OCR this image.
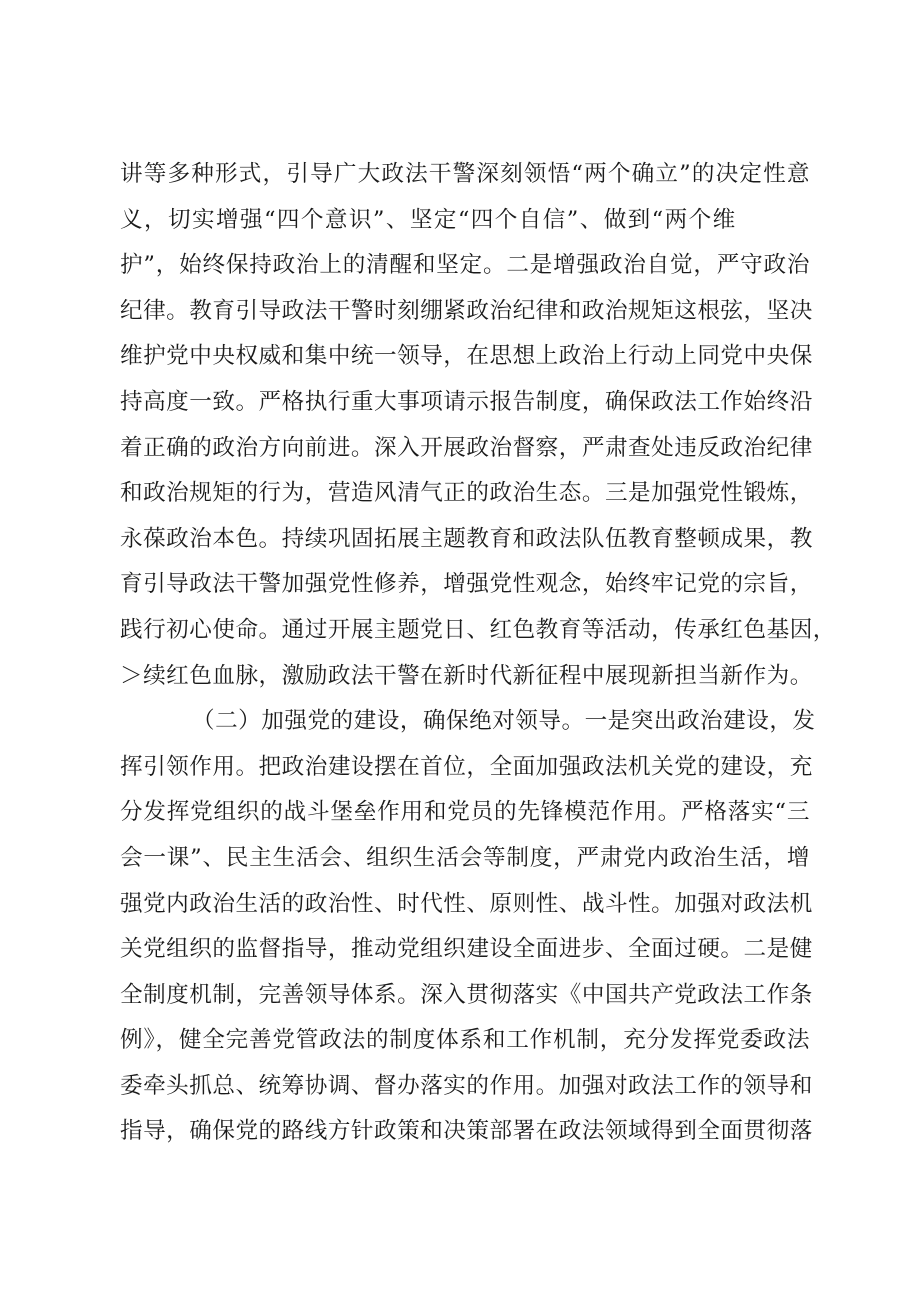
讲等多种形式，引导广大政法干警深刻领悟“两个确立”的决定性意
义，切实增强“四个意识”、坚定“四个自信”、做到“两个维
护”，始终保持政治上的清醒和坚定。二是增强政治自觉，严守政治
纪律。教育引导政法干警时刻绷紧政治纪律和政治规矩这根弦，坚决
维护党中央权威和集中统一领导，在思想上政治上行动上同党中央保
持高度一致。严格执行重大事项请示报告制度，确保政法工作始终沿
着正确的政治方向前进。深入开展政治督察，严肃查处违反政治纪律
和政治规矩的行为，营造风清气正的政治生态。三是加强党性锻炼，
永葆政治本色。持续巩固拓展主题教育和政法队伍教育整顿成果，教
育引导政法干警加强党性修养，增强党性观念，始终牢记党的宗旨，
践行初心使命。通过开展主题党日、红色教育等活动，传承红色基因，
＞续红色血脉，激励政法干警在新时代新征程中展现新担当新作为。
（二）加强党的建设，确保绝对领导。一是突出政治建设，发
挥引领作用。把政治建设摆在首位，全面加强政法机关党的建设，充
分发挥党组织的战斗堡垒作用和党员的先锋模范作用。严格落实“三
会一课”、民主生活会、组织生活会等制度，严肃党内政治生活，增
强党内政治生活的政治性、时代性、原则性、战斗性。加强对政法机
关党组织的监督指导，推动党组织建设全面进步、全面过硬。二是健
全制度机制，完善领导体系。深入贯彻落实《中国共产党政法工作条
例》，健全完善党管政法的制度体系和工作机制，充分发挥党委政法
委牵头抓总、统筹协调、督办落实的作用。加强对政法工作的领导和
指导，确保党的路线方针政策和决策部署在政法领域得到全面贯彻落
